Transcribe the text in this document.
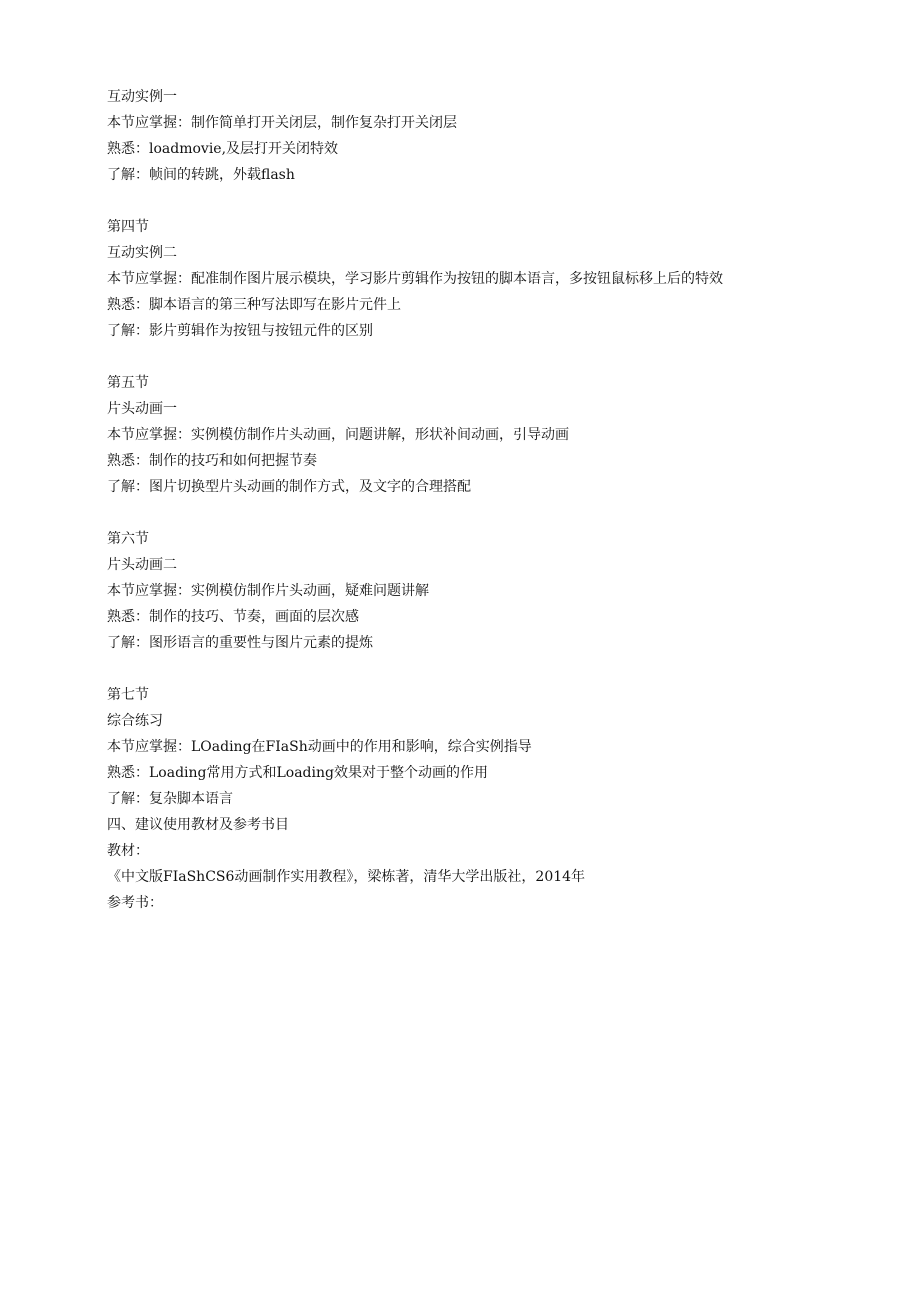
互动实例一
本节应掌握：制作简单打开关闭层，制作复杂打开关闭层
熟悉：loadmovie,及层打开关闭特效
了解：帧间的转跳，外载flash
第四节
互动实例二
本节应掌握：配准制作图片展示模块，学习影片剪辑作为按钮的脚本语言，多按钮鼠标移上后的特效
熟悉：脚本语言的第三种写法即写在影片元件上
了解：影片剪辑作为按钮与按钮元件的区别
第五节
片头动画一
本节应掌握：实例模仿制作片头动画，问题讲解，形状补间动画，引导动画
熟悉：制作的技巧和如何把握节奏
了解：图片切换型片头动画的制作方式，及文字的合理搭配
第六节
片头动画二
本节应掌握：实例模仿制作片头动画，疑难问题讲解
熟悉：制作的技巧、节奏，画面的层次感
了解：图形语言的重要性与图片元素的提炼
第七节
综合练习
本节应掌握：LOading在FIaSh动画中的作用和影响，综合实例指导
熟悉：Loading常用方式和Loading效果对于整个动画的作用
了解：复杂脚本语言
四、建议使用教材及参考书目
教材：
《中文版FIaShCS6动画制作实用教程》，梁栋著，清华大学出版社，2014年
参考书：
